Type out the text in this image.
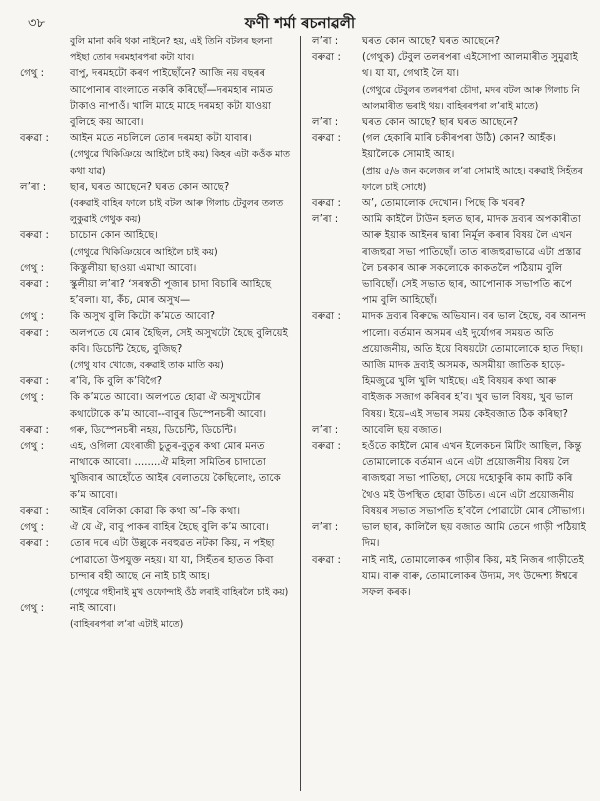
৩৮	ফণী শৰ্মা ৰচনাৱলী
বুলি মানা কৰি থকা নাইনে? হয়, এই তিনি বটলৰ ছলনা পইছা তোৰ দৰমহাৰপৰা কটা যাব।
গেথু :	বাপু, দৰমহটো কৰণ পাইছোঁনে? আজি নয় বছৰৰ আপোনাৰ বাংলাতে নকৰি কৰিছোঁ—দৰমহাৰ নামত টাকাও নাপাওঁ। খালি মাহে মাহে দৰমহা কটা যাওয়া বুলিহে কয় আবো।
বৰুৱা :	আইন মতে নচলিলে তোৰ দৰমহা কটা যাবাৰ।
(গেথুৱে খিকিঞিয়ে আহিলৈ চাই কয়) কিহৰ এটা কওঁক মাত কথা যাৱ)
লʼৰা :	ছাৰ, ঘৰত আছেনে? ঘৰত কোন আছে?
(বৰুৱাই বাহিৰ ফালে চাই বটল আৰু গিলাচ টেবুলৰ তলত লুকুৱাই গেথুক কয়)
বৰুৱা :	চাচোন কোন আহিছে।
(গেথুৱে খিকিঞিয়েৰে আহিলৈ চাই কয়)
গেথু :	কিস্তুলীয়া ছাওয়া এমাখা আবো।
বৰুৱা :	স্কুলীয়া লʼৰা? ʻসৰস্বতী পূজাৰ চাদা বিচাৰি আহিছে হʼবলা। যা, কঁচ, মোৰ অসুখ—
গেথু :	কি অসুখ বুলি কিটো কʼমতে আবো?
বৰুৱা :	অলপতে যে মোৰ হৈছিল, সেই অসুখটো হৈছে বুলিয়েই কবি। ডিচেন্টি হৈছে, বুজিছ?
(গেথু যাব খোজে, বৰুৱাই তাক মাতি কয়)
বৰুৱা :	ৰʼবি, কি বুলি কʼবিগৈ?
গেথু :	কি কʼমতে আবো। অলপতে হোৱা ঐ অসুখটোৰ কথাটোকে কʼম আবো--বাবুৰ ডিস্পেনচৰী আবো।
বৰুৱা :	গৰু, ডিস্পেনচৰী নহয়, ডিচেন্টি, ডিচেন্টি।
গেথু :	এহ, ওগিলা যেংৰাজী চুতুৰ-বুতুৰ কথা মোৰ মনত নাথাকে আবো। ........ঐ মহিলা সমিতিৰ চাদাতো খুজিবাৰ আহোঁতে আইৰ বেলাতয়ে কৈছিলোং, তাকে কʼম আবো।
বৰুৱা :	আইৰ বেলিকা কোৱা কি কথা অʼ–কি কথা।
গেথু :	ঐ যে ঐ, বাবু পাকৰ বাহিৰ হৈছে বুলি কʼম আবো।
বৰুৱা :	তোৰ দৰে এটা উল্লুকে নবহুৱত নটকা কিয়, ন পইছা পোৱাতো উপযুক্ত নহয়। যা যা, সিহঁতৰ হাতত কিবা চান্দাৰ বহী আছে নে নাই চাই আহ।
(গেথুৱে গহীনাই মুখ ওফোন্দাই ওঁঠ লৰাই বাহিৰলৈ চাই কয়)
গেথু :	নাই আবো।
(বাহিৰৰপৰা লʼৰা এটাই মাতে)
লʼৰা :	ঘৰত কোন আছে? ঘৰত আছেনে?
বৰুৱা :	(গেথুক) টেবুল তলৰপৰা এইসোপা আলমাৰীত সুমুৱাই থ। যা যা, গেথাই লৈ যা।
(গেথুৱে টেবুলৰ তলৰপৰা চৌদা, মদৰ বটল আৰু গিলাচ নি আলমাৰীত ভৰাই থয়। বাহিৰৰপৰা লʼৰাই মাতে)
লʼৰা :	ঘৰত কোন আছে? ছাৰ ঘৰত আছেনে?
বৰুৱা :	(গল হেকাৰি মাৰি চকীৰপৰা উঠি) কোন? আহঁক। ইয়ালৈকে সোমাই আহ।
(প্ৰায় ৫/৬ জন কলেজৰ লʼৰা সোমাই আহে। বৰুৱাই সিহঁতৰ ফালে চাই সোধে)
বৰুৱা :	অʼ, তোমালোক দেখোন। পিছে কি খবৰ?
লʼৰা :	আমি কাইলৈ টাউন হলত ছাৰ, মাদক দ্ৰব্যৰ অপকাৰীতা আৰু ইয়াক আইনৰ দ্বাৰা নিৰ্মূল কৰাৰ বিষয় লৈ এখন ৰাজহুৱা সভা পাতিছোঁ। তাত ৰাজহুৱাভাৱে এটা প্ৰস্তাৱ লৈ চৰকাৰ আৰু সকলোকে কাকতলৈ পঠিয়াম বুলি ভাবিছোঁ। সেই সভাত ছাৰ, আপোনাক সভাপতি ৰূপে পাম বুলি আহিছোঁ।
বৰুৱা :	মাদক দ্ৰব্যৰ বিৰুদ্ধে অভিযান। বৰ ভাল হৈছে, বৰ আনন্দ পালো। বৰ্তমান অসমৰ এই দুৰ্যোগৰ সময়ত অতি প্ৰয়োজনীয়, অতি ইয়ে বিষয়টো তোমালোকে হাত দিছা। আজি মাদক দ্ৰব্যই অসমক, অসমীয়া জাতিক হাড়ে-হিমজুৱে খুলি খুলি খাইছে। এই বিষয়ৰ কথা আৰু বাইজক সজাগ কৰিবৰ হʼব। খুব ভাল বিষয়, খুব ভাল বিষয়। ইয়ে–এই সভাৰ সময় কেইবজাত ঠিক কৰিছা?
লʼৰা :	আবেলি ছয় বজাত।
বৰুৱা :	হওঁতে কাইলৈ মোৰ এখন ইলেকচন মিটিং আছিল, কিন্তু তোমালোকে বৰ্তমান এনে এটা প্ৰয়োজনীয় বিষয় লৈ ৰাজহুৱা সভা পাতিছা, সেয়ে দহোকুৰি কাম কাটি কৰি থৈও মই উপস্থিত হোৱা উচিত। এনে এটা প্ৰয়োজনীয় বিষয়ৰ সভাত সভাপতি হʼবলৈ পোৱাটো মোৰ সৌভাগ্য।
লʼৰা :	ভাল ছাৰ, কালিলৈ ছয় বজাত আমি তেনে গাড়ী পঠিয়াই দিম।
বৰুৱা :	নাই নাই, তোমালোকৰ গাড়ীৰ কিয়, মই নিজৰ গাড়ীতেই যাম। বাৰু বাৰু, তোমালোকৰ উদ্যম, সৎ উদ্দেশ্য ঈশ্বৰে সফল কৰক।
